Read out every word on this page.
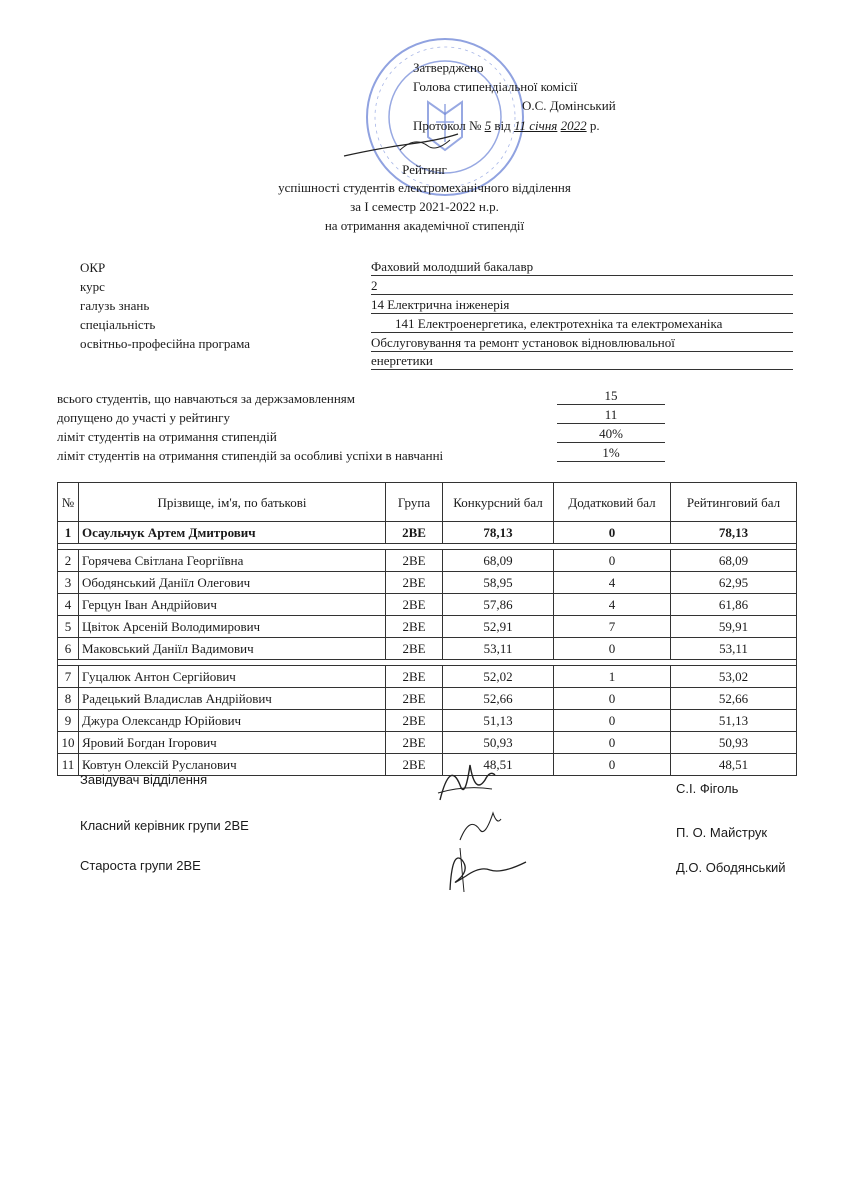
Затверджено
Голова стипендіальної комісії
О.С. Домінський
Протокол № 5 від 11 січня 2022 р.
Рейтинг
успішності студентів електромеханічного відділення
за І семестр 2021-2022 н.р.
на отримання академічної стипендії
ОКР	Фаховий молодший бакалавр
курс	2
галузь знань	14 Електрична інженерія
спеціальність	141 Електроенергетика, електротехніка та електромеханіка
освітньо-професійна програма	Обслуговування та ремонт установок відновлювальної
енергетики
всього студентів, що навчаються за держзамовленням	15
допущено до участі у рейтингу	11
ліміт студентів на отримання стипендій	40%
ліміт студентів на отримання стипендій за особливі успіхи в навчанні	1%
№	Прізвище, ім'я, по батькові	Група	Конкурсний бал	Додатковий бал	Рейтинговий бал
1	Осаульчук Артем Дмитрович	2ВЕ	78,13	0	78,13

2	Горячева Світлана Георгіївна	2ВЕ	68,09	0	68,09
3	Ободянський Даніїл Олегович	2ВЕ	58,95	4	62,95
4	Герцун Іван Андрійович	2ВЕ	57,86	4	61,86
5	Цвіток Арсеній Володимирович	2ВЕ	52,91	7	59,91
6	Маковський Даніїл Вадимович	2ВЕ	53,11	0	53,11

7	Гуцалюк Антон Сергійович	2ВЕ	52,02	1	53,02
8	Радецький Владислав Андрійович	2ВЕ	52,66	0	52,66
9	Джура Олександр Юрійович	2ВЕ	51,13	0	51,13
10	Яровий Богдан Ігорович	2ВЕ	50,93	0	50,93
11	Ковтун Олексій Русланович	2ВЕ	48,51	0	48,51
Завідувач відділення
С.І. Фіголь
Класний керівник групи 2ВЕ	П. О. Майструк
Староста групи 2ВЕ	Д.О. Ободянський
